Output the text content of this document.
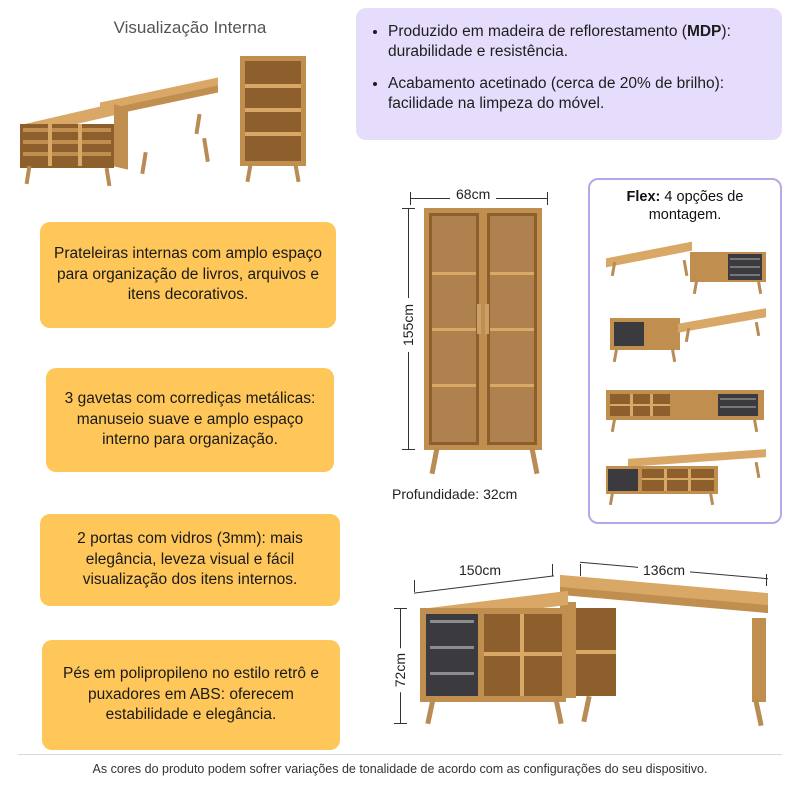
Visualização Interna	• Produzido em madeira de reflorestamento (MDP): durabilidade e resistência.
• Acabamento acetinado (cerca de 20% de brilho): facilidade na limpeza do móvel.
Prateleiras internas com amplo espaço para organização de livros, arquivos e itens decorativos.
3 gavetas com corrediças metálicas: manuseio suave e amplo espaço interno para organização.
2 portas com vidros (3mm): mais elegância, leveza visual e fácil visualização dos itens internos.
Pés em polipropileno no estilo retrô e puxadores em ABS: oferecem estabilidade e elegância.
68cm
155cm
Profundidade: 32cm
Flex: 4 opções de montagem.
150cm	136cm
72cm
As cores do produto podem sofrer variações de tonalidade de acordo com as configurações do seu dispositivo.
